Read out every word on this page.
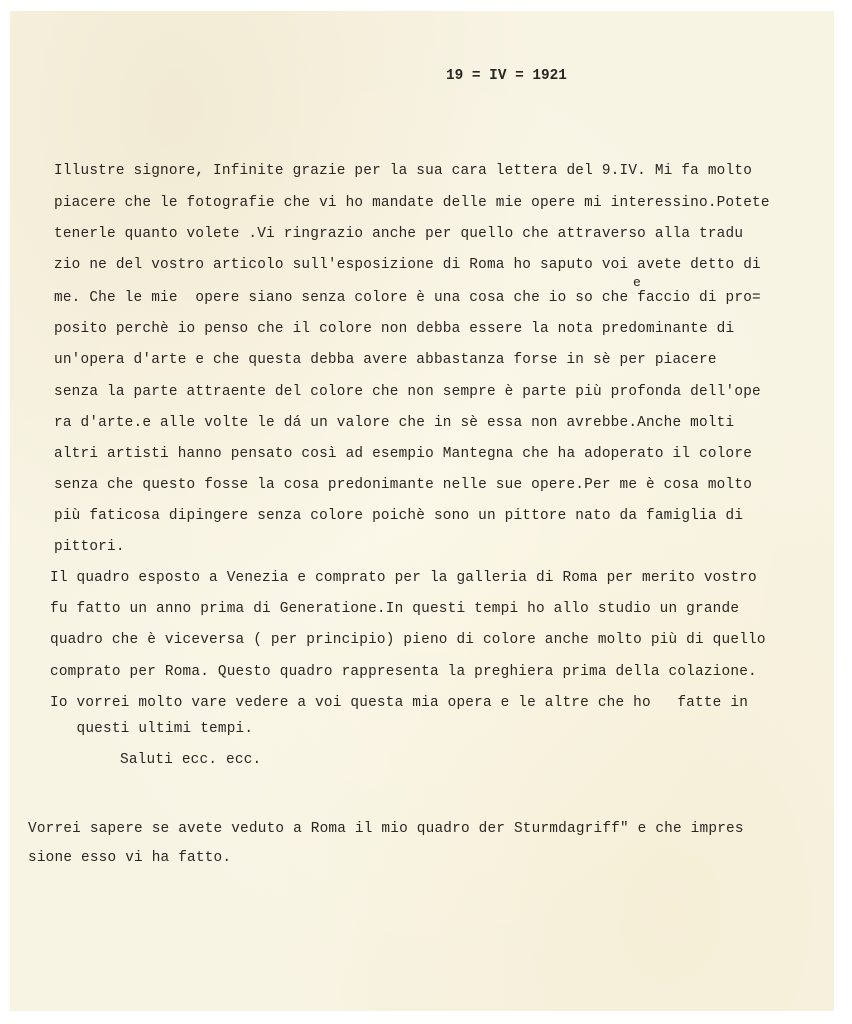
19 = IV = 1921
Illustre signore, Infinite grazie per la sua cara lettera del 9.IV. Mi fa molto
piacere che le fotografie che vi ho mandate delle mie opere mi interessino.Potete
tenerle quanto volete .Vi ringrazio anche per quello che attraverso alla tradu
zio ne del vostro articolo sull'esposizione di Roma ho saputo voi avete detto di
e
me. Che le mie  opere siano senza colore è una cosa che io so che faccio di pro=
posito perchè io penso che il colore non debba essere la nota predominante di
un'opera d'arte e che questa debba avere abbastanza forse in sè per piacere
senza la parte attraente del colore che non sempre è parte più profonda dell'ope
ra d'arte.e alle volte le dá un valore che in sè essa non avrebbe.Anche molti
altri artisti hanno pensato così ad esempio Mantegna che ha adoperato il colore
senza che questo fosse la cosa predonimante nelle sue opere.Per me è cosa molto
più faticosa dipingere senza colore poichè sono un pittore nato da famiglia di
pittori.
Il quadro esposto a Venezia e comprato per la galleria di Roma per merito vostro
fu fatto un anno prima di Generatione.In questi tempi ho allo studio un grande
quadro che è viceversa ( per principio) pieno di colore anche molto più di quello
comprato per Roma. Questo quadro rappresenta la preghiera prima della colazione.
Io vorrei molto vare vedere a voi questa mia opera e le altre che ho   fatte in
questi ultimi tempi.
Saluti ecc. ecc.
Vorrei sapere se avete veduto a Roma il mio quadro der Sturmdagriff" e che impres
sione esso vi ha fatto.
